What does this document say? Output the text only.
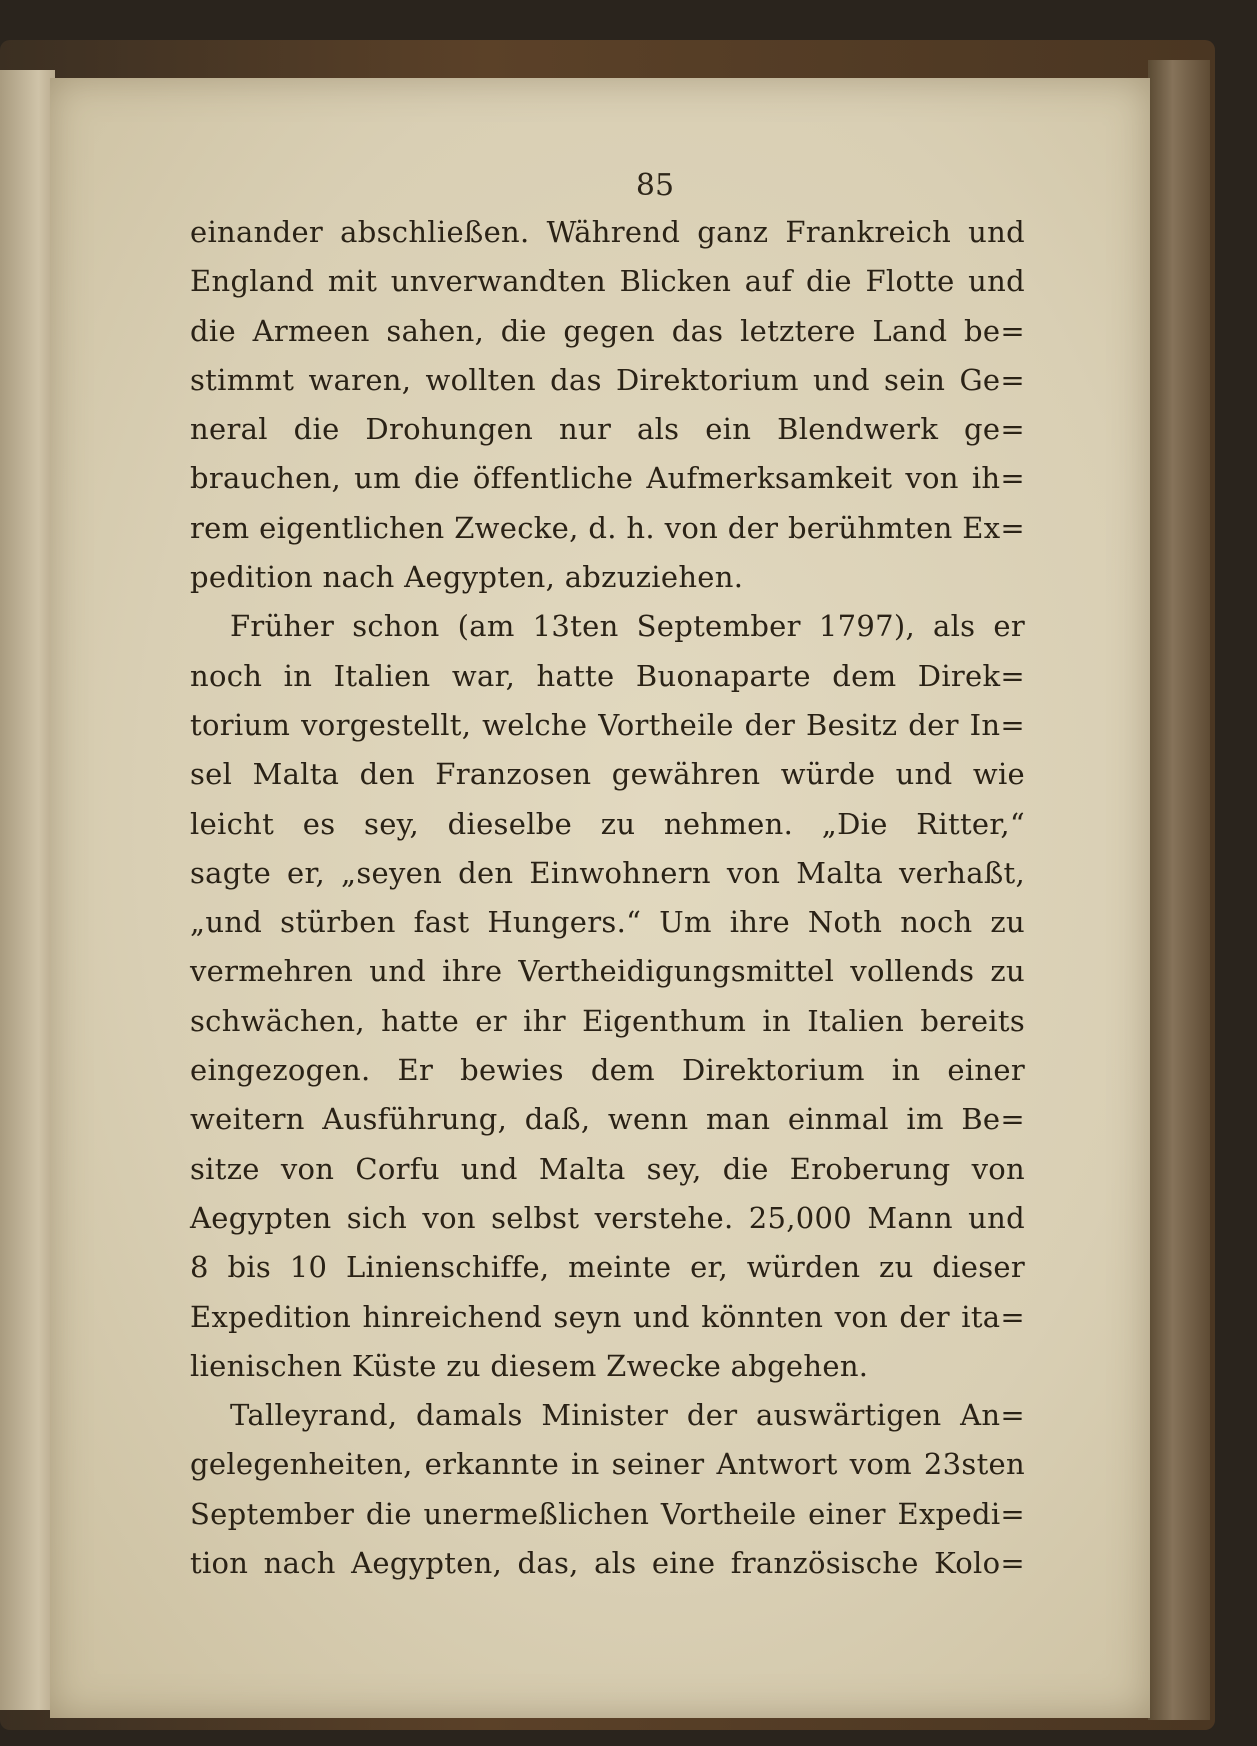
85
einander abschließen. Während ganz Frankreich und
England mit unverwandten Blicken auf die Flotte und
die Armeen sahen, die gegen das letztere Land be=
stimmt waren, wollten das Direktorium und sein Ge=
neral die Drohungen nur als ein Blendwerk ge=
brauchen, um die öffentliche Aufmerksamkeit von ih=
rem eigentlichen Zwecke, d. h. von der berühmten Ex=
pedition nach Aegypten, abzuziehen.
Früher schon (am 13ten September 1797), als er
noch in Italien war, hatte Buonaparte dem Direk=
torium vorgestellt, welche Vortheile der Besitz der In=
sel Malta den Franzosen gewähren würde und wie
leicht es sey, dieselbe zu nehmen. „Die Ritter,“
sagte er, „seyen den Einwohnern von Malta verhaßt,
„und stürben fast Hungers.“ Um ihre Noth noch zu
vermehren und ihre Vertheidigungsmittel vollends zu
schwächen, hatte er ihr Eigenthum in Italien bereits
eingezogen. Er bewies dem Direktorium in einer
weitern Ausführung, daß, wenn man einmal im Be=
sitze von Corfu und Malta sey, die Eroberung von
Aegypten sich von selbst verstehe. 25,000 Mann und
8 bis 10 Linienschiffe, meinte er, würden zu dieser
Expedition hinreichend seyn und könnten von der ita=
lienischen Küste zu diesem Zwecke abgehen.
Talleyrand, damals Minister der auswärtigen An=
gelegenheiten, erkannte in seiner Antwort vom 23sten
September die unermeßlichen Vortheile einer Expedi=
tion nach Aegypten, das, als eine französische Kolo=
